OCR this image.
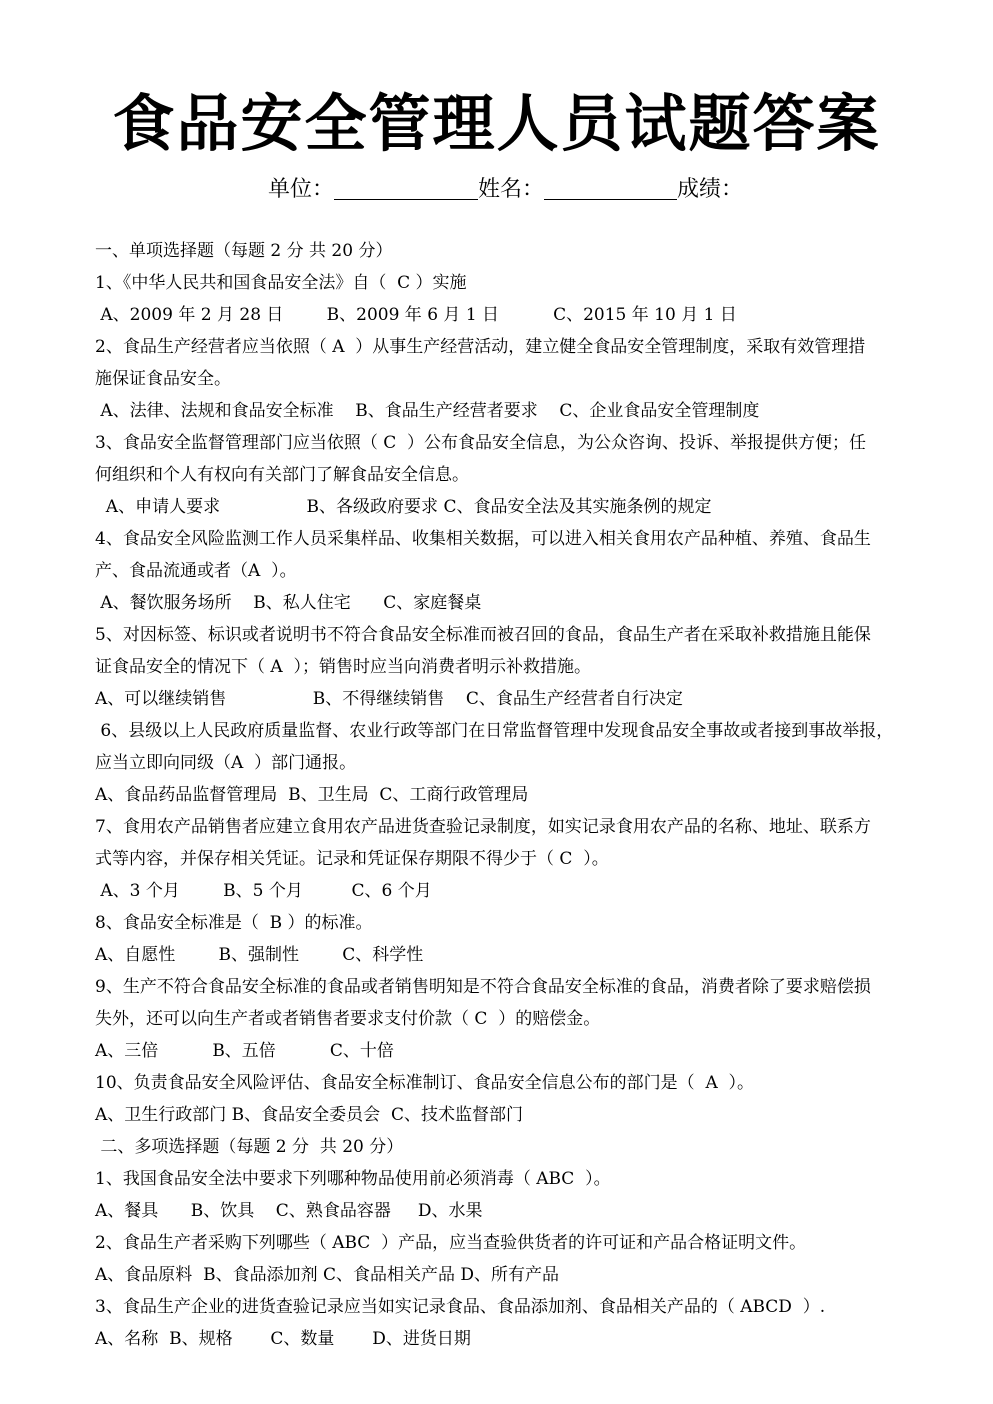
食品安全管理人员试题答案
单位：	姓名：	成绩：
一、单项选择题（每题 2 分 共 20 分）
1、《中华人民共和国食品安全法》自（  C ）实施
A、2009 年 2 月 28 日        B、2009 年 6 月 1 日          C、2015 年 10 月 1 日
2、食品生产经营者应当依照（ A  ）从事生产经营活动，建立健全食品安全管理制度，采取有效管理措
施保证食品安全。
A、法律、法规和食品安全标准    B、食品生产经营者要求    C、企业食品安全管理制度
3、食品安全监督管理部门应当依照（ C  ）公布食品安全信息，为公众咨询、投诉、举报提供方便；任
何组织和个人有权向有关部门了解食品安全信息。
A、申请人要求                B、各级政府要求 C、食品安全法及其实施条例的规定
4、食品安全风险监测工作人员采集样品、收集相关数据，可以进入相关食用农产品种植、养殖、食品生
产、食品流通或者（A  ）。
A、餐饮服务场所    B、私人住宅      C、家庭餐桌
5、对因标签、标识或者说明书不符合食品安全标准而被召回的食品，食品生产者在采取补救措施且能保
证食品安全的情况下（ A  ）；销售时应当向消费者明示补救措施。
A、可以继续销售                B、不得继续销售    C、食品生产经营者自行决定
6、县级以上人民政府质量监督、农业行政等部门在日常监督管理中发现食品安全事故或者接到事故举报，
应当立即向同级（A  ）部门通报。
A、食品药品监督管理局  B、卫生局  C、工商行政管理局
7、食用农产品销售者应建立食用农产品进货查验记录制度，如实记录食用农产品的名称、地址、联系方
式等内容，并保存相关凭证。记录和凭证保存期限不得少于（ C  ）。
A、3 个月        B、5 个月         C、6 个月
8、食品安全标准是（  B ）的标准。
A、自愿性        B、强制性        C、科学性
9、生产不符合食品安全标准的食品或者销售明知是不符合食品安全标准的食品，消费者除了要求赔偿损
失外，还可以向生产者或者销售者要求支付价款（ C  ）的赔偿金。
A、三倍          B、五倍          C、十倍
10、负责食品安全风险评估、食品安全标准制订、食品安全信息公布的部门是（  A  ）。
A、卫生行政部门 B、食品安全委员会  C、技术监督部门
二、多项选择题（每题 2 分  共 20 分）
1、我国食品安全法中要求下列哪种物品使用前必须消毒（ ABC  ）。
A、餐具      B、饮具    C、熟食品容器     D、水果
2、食品生产者采购下列哪些（ ABC  ）产品，应当查验供货者的许可证和产品合格证明文件。
A、食品原料  B、食品添加剂 C、食品相关产品 D、所有产品
3、食品生产企业的进货查验记录应当如实记录食品、食品添加剂、食品相关产品的（ ABCD  ）.
A、名称  B、规格       C、数量       D、进货日期
